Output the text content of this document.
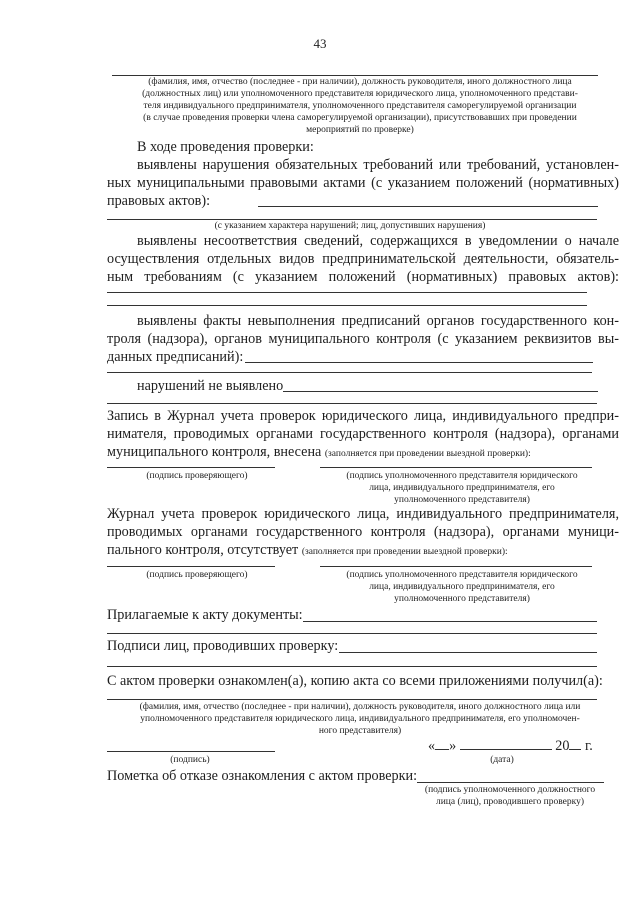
43
(фамилия, имя, отчество (последнее - при наличии), должность руководителя, иного должностного лица
(должностных лиц) или уполномоченного представителя юридического лица, уполномоченного представи-
теля индивидуального предпринимателя, уполномоченного представителя саморегулируемой организации
(в случае проведения проверки члена саморегулируемой организации), присутствовавших при проведении
мероприятий по проверке)
В ходе проведения проверки:
выявлены нарушения обязательных требований или требований, установлен-
ных муниципальными правовыми актами (с указанием положений (нормативных)
правовых актов):
(с указанием характера нарушений; лиц, допустивших нарушения)
выявлены несоответствия сведений, содержащихся в уведомлении о начале
осуществления отдельных видов предпринимательской деятельности, обязатель-
ным требованиям (с указанием положений (нормативных) правовых актов):
выявлены факты невыполнения предписаний органов государственного кон-
троля (надзора), органов муниципального контроля (с указанием реквизитов вы-
данных предписаний):
нарушений не выявлено
Запись в Журнал учета проверок юридического лица, индивидуального предпри-
нимателя, проводимых органами государственного контроля (надзора), органами
муниципального контроля, внесена (заполняется при проведении выездной проверки):
(подпись проверяющего)	(подпись уполномоченного представителя юридического
лица, индивидуального предпринимателя, его
уполномоченного представителя)
Журнал учета проверок юридического лица, индивидуального предпринимателя,
проводимых органами государственного контроля (надзора), органами муници-
пального контроля, отсутствует (заполняется при проведении выездной проверки):
(подпись проверяющего)	(подпись уполномоченного представителя юридического
лица, индивидуального предпринимателя, его
уполномоченного представителя)
Прилагаемые к акту документы:
Подписи лиц, проводивших проверку:
С актом проверки ознакомлен(а), копию акта со всеми приложениями получил(а):
(фамилия, имя, отчество (последнее - при наличии), должность руководителя, иного должностного лица или
уполномоченного представителя юридического лица, индивидуального предпринимателя, его уполномочен-
ного представителя)
« »	20 г.
(подпись)	(дата)
Пометка об отказе ознакомления с актом проверки:
(подпись уполномоченного должностного
лица (лиц), проводившего проверку)
